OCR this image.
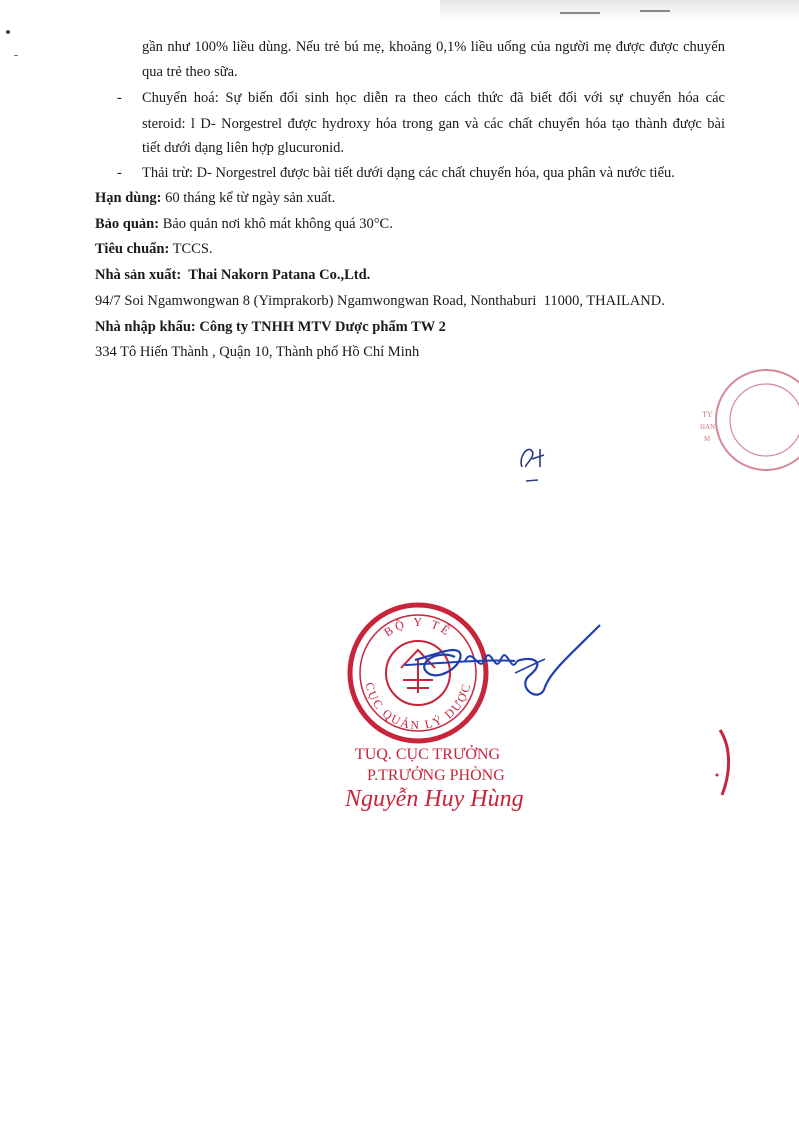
gần như 100% liều dùng. Nếu trẻ bú mẹ, khoảng 0,1% liều uống của người mẹ được được chuyển
qua trẻ theo sữa.
- Chuyển hoá: Sự biến đổi sinh học diễn ra theo cách thức đã biết đối với sự chuyển hóa các
steroid: l D- Norgestrel được hydroxy hóa trong gan và các chất chuyển hóa tạo thành được bài
tiết dưới dạng liên hợp glucuronid.
- Thải trừ: D- Norgestrel được bài tiết dưới dạng các chất chuyển hóa, qua phân và nước tiểu.
Hạn dùng: 60 tháng kể từ ngày sản xuất.
Bảo quản: Bảo quản nơi khô mát không quá 30°C.
Tiêu chuẩn: TCCS.
Nhà sản xuất:  Thai Nakorn Patana Co.,Ltd.
94/7 Soi Ngamwongwan 8 (Yimprakorb) Ngamwongwan Road, Nonthaburi  11000, THAILAND.
Nhà nhập khẩu: Công ty TNHH MTV Dược phẩm TW 2
334 Tô Hiến Thành , Quận 10, Thành phố Hồ Chí Minh
TY
HAN
M
BỘ Y TẾ
CỤC QUẢN LÝ DƯỢC
TUQ. CỤC TRƯỞNG
P.TRƯỞNG PHÒNG
Nguyễn Huy Hùng
